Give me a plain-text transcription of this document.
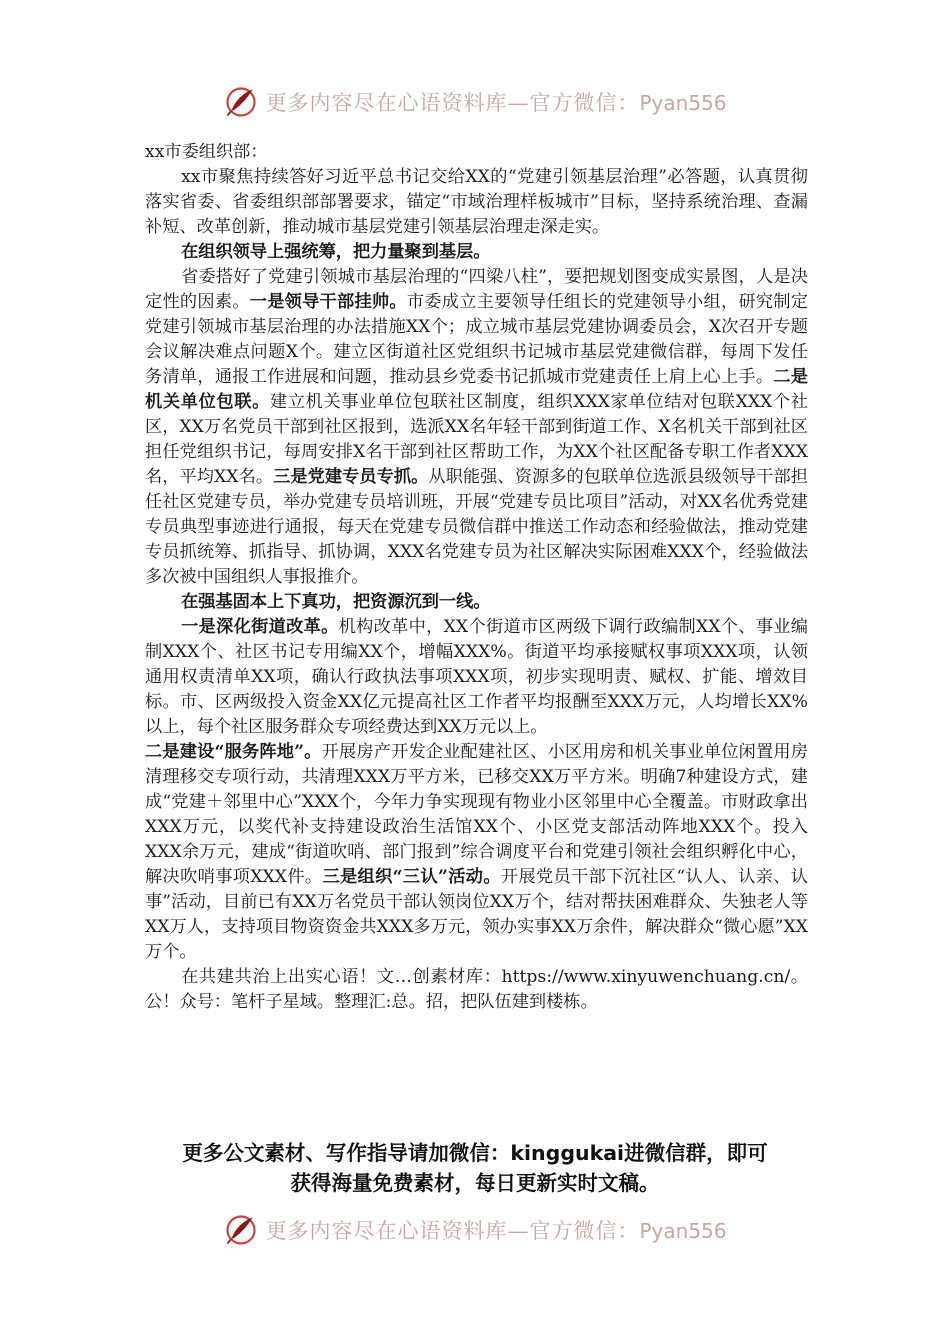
更多内容尽在心语资料库—官方微信：Pyan556

xx市委组织部：

xx市聚焦持续答好习近平总书记交给XX的“党建引领基层治理”必答题，认真贯彻落实省委、省委组织部部署要求，锚定“市域治理样板城市”目标，坚持系统治理、查漏补短、改革创新，推动城市基层党建引领基层治理走深走实。

在组织领导上强统筹，把力量聚到基层。

省委搭好了党建引领城市基层治理的“四梁八柱”，要把规划图变成实景图，人是决定性的因素。一是领导干部挂帅。市委成立主要领导任组长的党建领导小组，研究制定党建引领城市基层治理的办法措施XX个；成立城市基层党建协调委员会，X次召开专题会议解决难点问题X个。建立区街道社区党组织书记城市基层党建微信群，每周下发任务清单，通报工作进展和问题，推动县乡党委书记抓城市党建责任上肩上心上手。二是机关单位包联。建立机关事业单位包联社区制度，组织XXX家单位结对包联XXX个社区，XX万名党员干部到社区报到，选派XX名年轻干部到街道工作、X名机关干部到社区担任党组织书记，每周安排X名干部到社区帮助工作，为XX个社区配备专职工作者XXX名，平均XX名。三是党建专员专抓。从职能强、资源多的包联单位选派县级领导干部担任社区党建专员，举办党建专员培训班，开展“党建专员比项目”活动，对XX名优秀党建专员典型事迹进行通报，每天在党建专员微信群中推送工作动态和经验做法，推动党建专员抓统筹、抓指导、抓协调，XXX名党建专员为社区解决实际困难XXX个，经验做法多次被中国组织人事报推介。

在强基固本上下真功，把资源沉到一线。

一是深化街道改革。机构改革中，XX个街道市区两级下调行政编制XX个、事业编制XXX个、社区书记专用编XX个，增幅XXX%。街道平均承接赋权事项XXX项，认领通用权责清单XX项，确认行政执法事项XXX项，初步实现明责、赋权、扩能、增效目标。市、区两级投入资金XX亿元提高社区工作者平均报酬至XXX万元，人均增长XX%以上，每个社区服务群众专项经费达到XX万元以上。

二是建设“服务阵地”。开展房产开发企业配建社区、小区用房和机关事业单位闲置用房清理移交专项行动，共清理XXX万平方米，已移交XX万平方米。明确7种建设方式，建成“党建＋邻里中心”XXX个，今年力争实现现有物业小区邻里中心全覆盖。市财政拿出XXX万元，以奖代补支持建设政治生活馆XX个、小区党支部活动阵地XXX个。投入XXX余万元，建成“街道吹哨、部门报到”综合调度平台和党建引领社会组织孵化中心，解决吹哨事项XXX件。三是组织“三认”活动。开展党员干部下沉社区“认人、认亲、认事”活动，目前已有XX万名党员干部认领岗位XX万个，结对帮扶困难群众、失独老人等XX万人，支持项目物资资金共XXX多万元，领办实事XX万余件，解决群众“微心愿”XX万个。

在共建共治上出实心语！文…创素材库：https://www.xinyuwenchuang.cn/。公！众号：笔杆子星域。整理汇:总。招，把队伍建到楼栋。

更多公文素材、写作指导请加微信：kinggukai进微信群，即可
获得海量免费素材，每日更新实时文稿。
更多内容尽在心语资料库—官方微信：Pyan556
